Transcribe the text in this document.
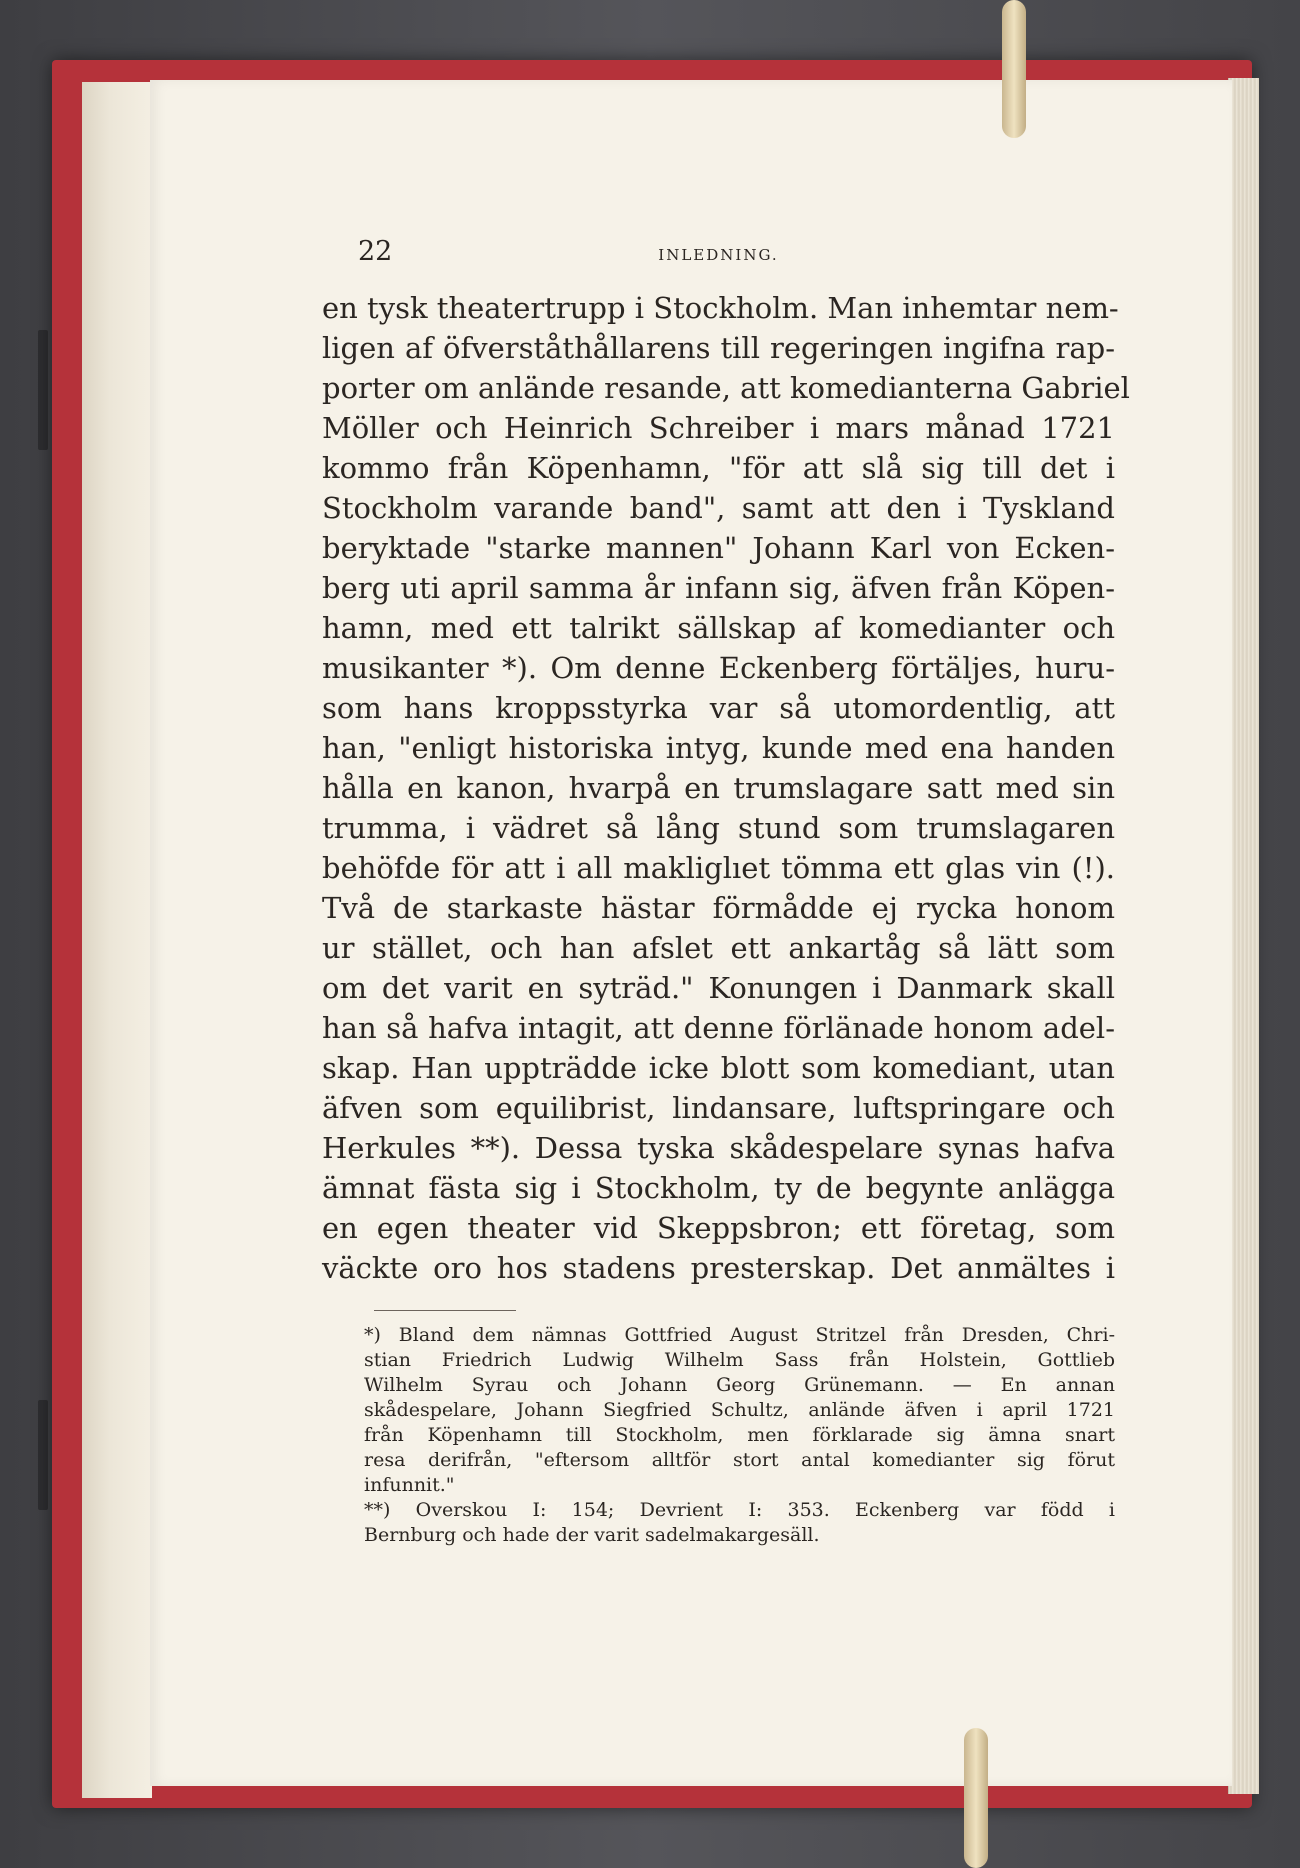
22	INLEDNING.
en tysk theatertrupp i Stockholm. Man inhemtar nem-
ligen af öfverståthållarens till regeringen ingifna rap-
porter om anlände resande, att komedianterna Gabriel
Möller och Heinrich Schreiber i mars månad 1721
kommo från Köpenhamn, "för att slå sig till det i
Stockholm varande band", samt att den i Tyskland
beryktade "starke mannen" Johann Karl von Ecken-
berg uti april samma år infann sig, äfven från Köpen-
hamn, med ett talrikt sällskap af komedianter och
musikanter *). Om denne Eckenberg förtäljes, huru-
som hans kroppsstyrka var så utomordentlig, att
han, "enligt historiska intyg, kunde med ena handen
hålla en kanon, hvarpå en trumslagare satt med sin
trumma, i vädret så lång stund som trumslagaren
behöfde för att i all makliglıet tömma ett glas vin (!).
Två de starkaste hästar förmådde ej rycka honom
ur stället, och han afslet ett ankartåg så lätt som
om det varit en syträd." Konungen i Danmark skall
han så hafva intagit, att denne förlänade honom adel-
skap. Han uppträdde icke blott som komediant, utan
äfven som equilibrist, lindansare, luftspringare och
Herkules **). Dessa tyska skådespelare synas hafva
ämnat fästa sig i Stockholm, ty de begynte anlägga
en egen theater vid Skeppsbron; ett företag, som
väckte oro hos stadens presterskap. Det anmältes i
*) Bland dem nämnas Gottfried August Stritzel från Dresden, Chri-
stian Friedrich Ludwig Wilhelm Sass från Holstein, Gottlieb
Wilhelm Syrau och Johann Georg Grünemann. — En annan
skådespelare, Johann Siegfried Schultz, anlände äfven i april 1721
från Köpenhamn till Stockholm, men förklarade sig ämna snart
resa derifrån, "eftersom alltför stort antal komedianter sig förut
infunnit."
**) Overskou I: 154; Devrient I: 353. Eckenberg var född i
Bernburg och hade der varit sadelmakargesäll.
